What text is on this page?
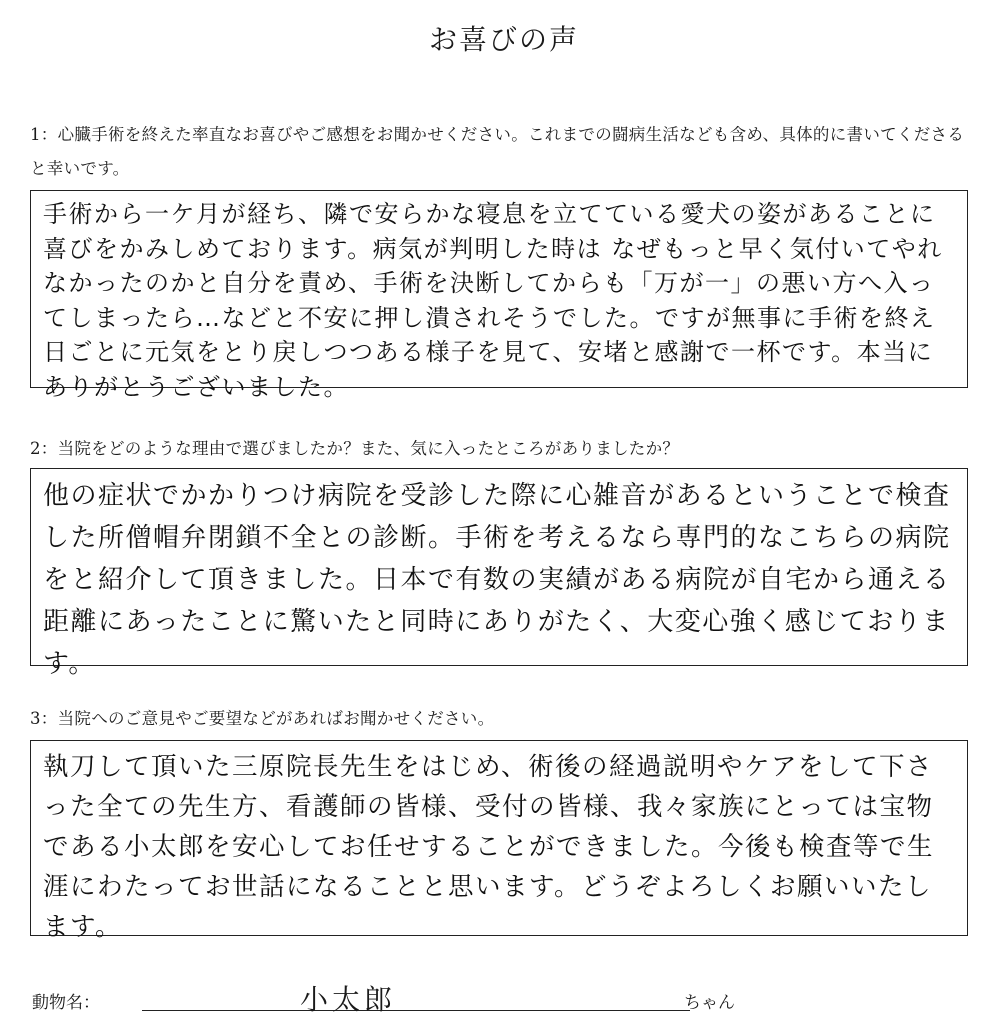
お喜びの声
1：心臓手術を終えた率直なお喜びやご感想をお聞かせください。これまでの闘病生活なども含め、具体的に書いてくださると幸いです。
手術から一ケ月が経ち、隣で安らかな寝息を立てている愛犬の姿があることに喜びをかみしめております。病気が判明した時は なぜもっと早く気付いてやれなかったのかと自分を責め、手術を決断してからも「万が一」の悪い方へ入ってしまったら…などと不安に押し潰されそうでした。ですが無事に手術を終え日ごとに元気をとり戻しつつある様子を見て、安堵と感謝で一杯です。本当にありがとうございました。
2：当院をどのような理由で選びましたか？また、気に入ったところがありましたか？
他の症状でかかりつけ病院を受診した際に心雑音があるということで検査した所僧帽弁閉鎖不全との診断。手術を考えるなら専門的なこちらの病院をと紹介して頂きました。日本で有数の実績がある病院が自宅から通える距離にあったことに驚いたと同時にありがたく、大変心強く感じております。
3：当院へのご意見やご要望などがあればお聞かせください。
執刀して頂いた三原院長先生をはじめ、術後の経過説明やケアをして下さった全ての先生方、看護師の皆様、受付の皆様、我々家族にとっては宝物である小太郎を安心してお任せすることができました。今後も検査等で生涯にわたってお世話になることと思います。どうぞよろしくお願いいたします。
動物名：	小太郎	ちゃん
